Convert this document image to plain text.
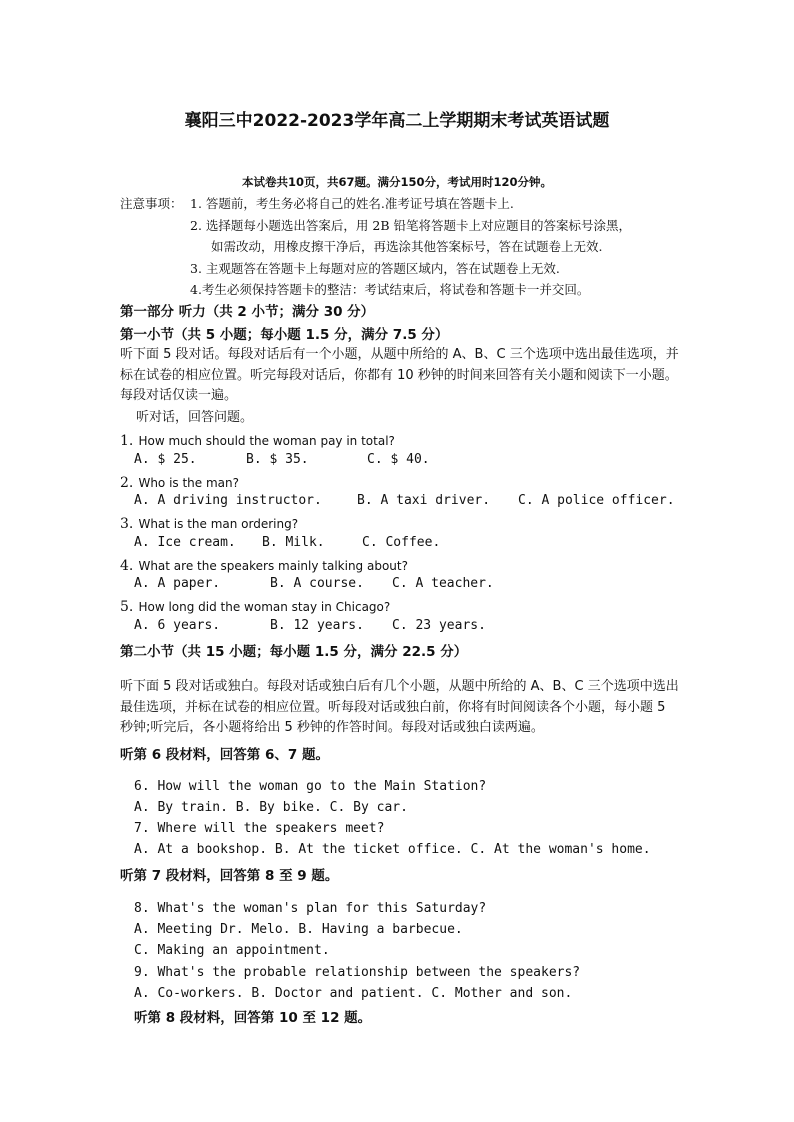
襄阳三中2022-2023学年高二上学期期末考试英语试题
本试卷共10页，共67题。满分150分，考试用时120分钟。
注意事项： 1. 答题前，考生务必将自己的姓名.准考证号填在答题卡上.
2. 选择题每小题选出答案后，用 2B 铅笔将答题卡上对应题目的答案标号涂黑，
如需改动，用橡皮擦干净后，再选涂其他答案标号，答在试题卷上无效.
3. 主观题答在答题卡上每题对应的答题区域内，答在试题卷上无效.
4.考生必须保持答题卡的整洁：考试结束后，将试卷和答题卡一并交回。
第一部分 听力（共 2 小节；满分 30 分）
第一小节（共 5 小题；每小题 1.5 分，满分 7.5 分）
听下面 5 段对话。每段对话后有一个小题，从题中所给的 A、B、C 三个选项中选出最佳选项，并标在试卷的相应位置。听完每段对话后，你都有 10 秒钟的时间来回答有关小题和阅读下一小题。每段对话仅读一遍。
听对话，回答问题。
1. How much should the woman pay in total?
A. $ 25.	B. $ 35.	C. $ 40.
2. Who is the man?
A. A driving instructor.	B. A taxi driver. C. A police officer.
3. What is the man ordering?
A. Ice cream. B. Milk.	C. Coffee.
4. What are the speakers mainly talking about?
A. A paper.	B. A course. C. A teacher.
5. How long did the woman stay in Chicago?
A. 6 years.	B. 12 years. C. 23 years.
第二小节（共 15 小题；每小题 1.5 分，满分 22.5 分）
听下面 5 段对话或独白。每段对话或独白后有几个小题，从题中所给的 A、B、C 三个选项中选出最佳选项，并标在试卷的相应位置。听每段对话或独白前，你将有时间阅读各个小题，每小题 5 秒钟;听完后，各小题将给出 5 秒钟的作答时间。每段对话或独白读两遍。
听第 6 段材料，回答第 6、7 题。
6. How will the woman go to the Main Station?
A. By train. B. By bike. C. By car.
7. Where will the speakers meet?
A. At a bookshop. B. At the ticket office. C. At the woman's home.
听第 7 段材料，回答第 8 至 9 题。
8. What's the woman's plan for this Saturday?
A. Meeting Dr. Melo. B. Having a barbecue.
C. Making an appointment.
9. What's the probable relationship between the speakers?
A. Co-workers. B. Doctor and patient. C. Mother and son.
听第 8 段材料，回答第 10 至 12 题。
